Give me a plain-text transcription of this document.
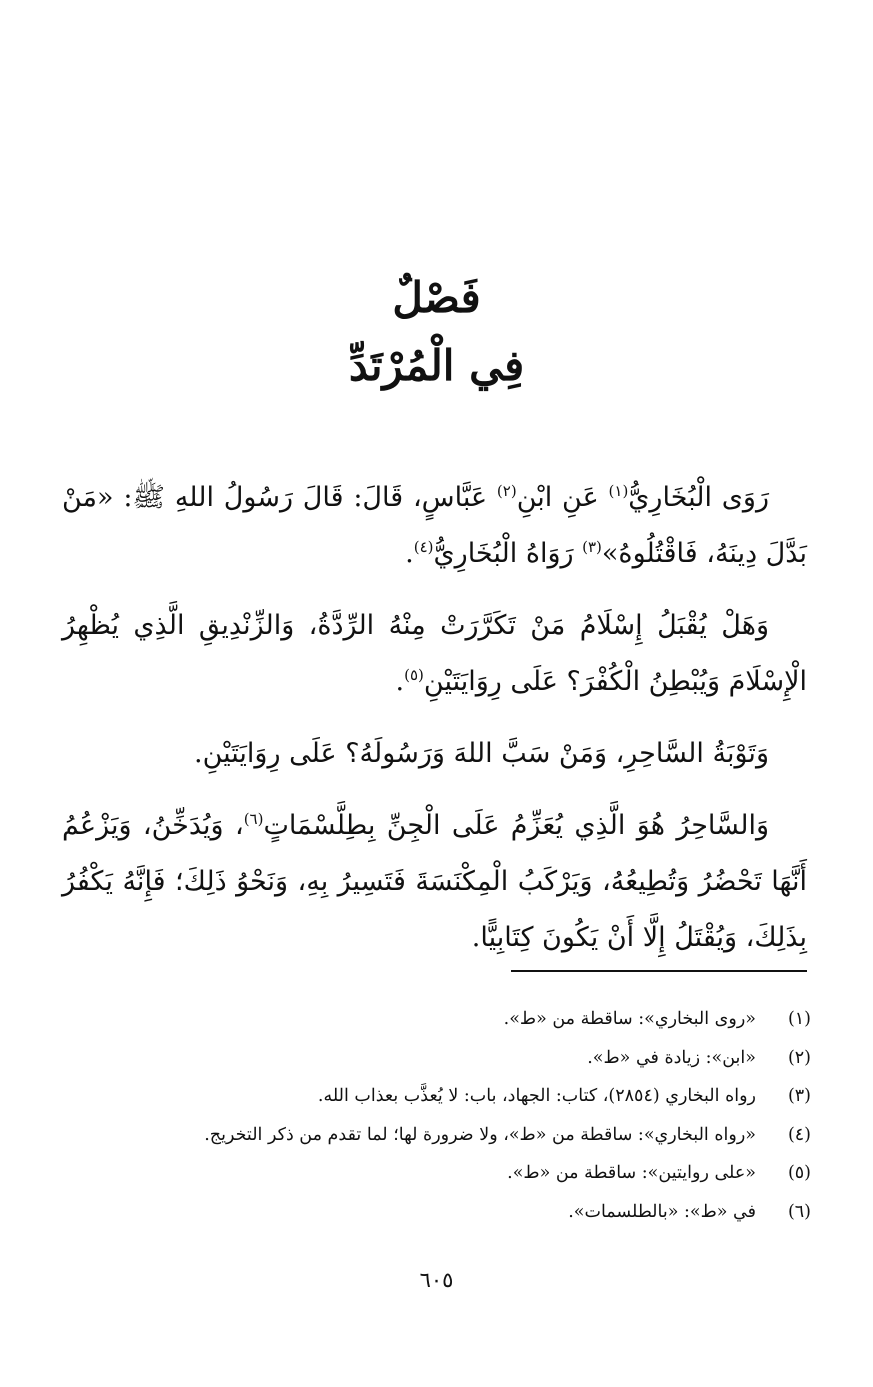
فَصْلٌ
فِي الْمُرْتَدِّ

رَوَى الْبُخَارِيُّ$^{(١)}$ عَنِ ابْنِ$^{(٢)}$ عَبَّاسٍ، قَالَ: قَالَ رَسُولُ اللهِ ﷺ: «مَنْ بَدَّلَ دِينَهُ، فَاقْتُلُوهُ»$^{(٣)}$ رَوَاهُ الْبُخَارِيُّ$^{(٤)}$.

وَهَلْ يُقْبَلُ إِسْلَامُ مَنْ تَكَرَّرَتْ مِنْهُ الرِّدَّةُ، وَالزِّنْدِيقِ الَّذِي يُظْهِرُ الْإِسْلَامَ وَيُبْطِنُ الْكُفْرَ؟ عَلَى رِوَايَتَيْنِ$^{(٥)}$.

وَتَوْبَةُ السَّاحِرِ، وَمَنْ سَبَّ اللهَ وَرَسُولَهُ؟ عَلَى رِوَايَتَيْنِ.

وَالسَّاحِرُ هُوَ الَّذِي يُعَزِّمُ عَلَى الْجِنِّ بِطِلَّسْمَاتٍ$^{(٦)}$، وَيُدَخِّنُ، وَيَزْعُمُ أَنَّهَا تَحْضُرُ وَتُطِيعُهُ، وَيَرْكَبُ الْمِكْنَسَةَ فَتَسِيرُ بِهِ، وَنَحْوُ ذَلِكَ؛ فَإِنَّهُ يَكْفُرُ بِذَلِكَ، وَيُقْتَلُ إِلَّا أَنْ يَكُونَ كِتَابِيًّا.

(١)
«روى البخاري»: ساقطة من «ط».
(٢)
«ابن»: زيادة في «ط».
(٣)
رواه البخاري (٢٨٥٤)، كتاب: الجهاد، باب: لا يُعذَّب بعذاب الله.
(٤)
«رواه البخاري»: ساقطة من «ط»، ولا ضرورة لها؛ لما تقدم من ذكر التخريج.
(٥)
«على روايتين»: ساقطة من «ط».
(٦)
في «ط»: «بالطلسمات».
٦٠٥
